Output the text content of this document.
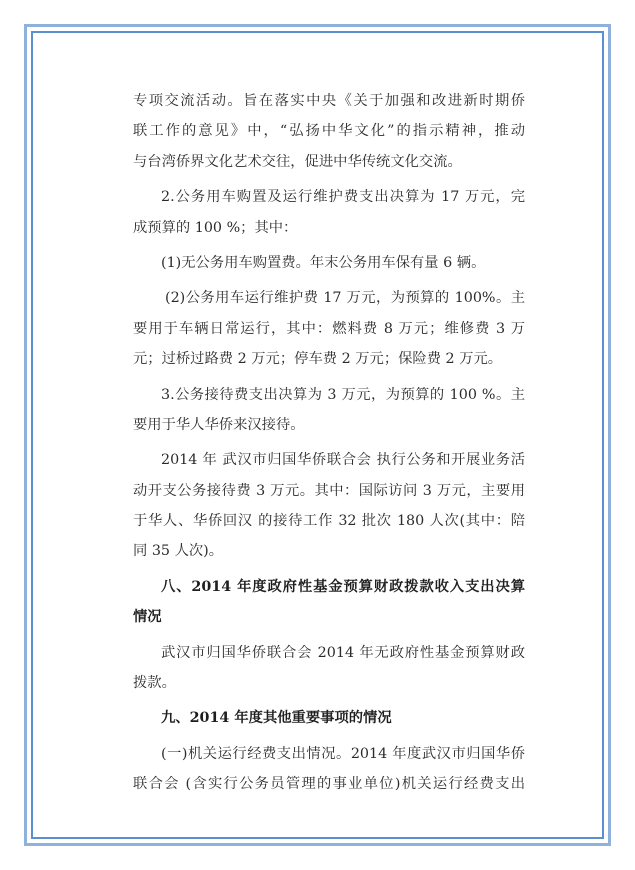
专项交流活动。旨在落实中央《关于加强和改进新时期侨
联工作的意见》中，“弘扬中华文化”的指示精神，推动
与台湾侨界文化艺术交往，促进中华传统文化交流。
2.公务用车购置及运行维护费支出决算为 17 万元，完
成预算的 100 %；其中：
(1)无公务用车购置费。年末公务用车保有量 6 辆。
(2)公务用车运行维护费 17 万元，为预算的 100%。主
要用于车辆日常运行，其中：燃料费 8 万元；维修费 3 万
元；过桥过路费 2 万元；停车费 2 万元；保险费 2 万元。
3.公务接待费支出决算为 3 万元，为预算的 100 %。主
要用于华人华侨来汉接待。
2014 年 武汉市归国华侨联合会 执行公务和开展业务活
动开支公务接待费 3 万元。其中：国际访问 3 万元，主要用
于华人、华侨回汉 的接待工作 32 批次 180 人次(其中：陪
同 35 人次)。
八、2014 年度政府性基金预算财政拨款收入支出决算
情况
武汉市归国华侨联合会 2014 年无政府性基金预算财政
拨款。
九、2014 年度其他重要事项的情况
(一)机关运行经费支出情况。2014 年度武汉市归国华侨
联合会 (含实行公务员管理的事业单位)机关运行经费支出
